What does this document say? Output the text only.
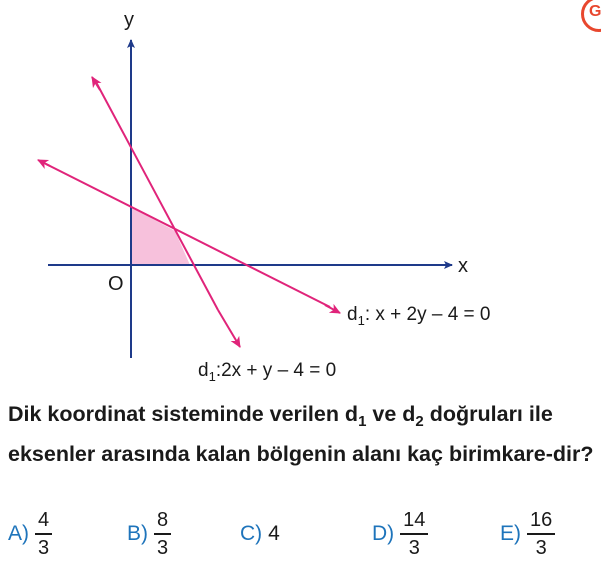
G
y
x
O
$d_1$: x + 2y – 4 = 0
$d_1:2x + y - 4 = 0$
Dik koordinat sisteminde verilen $d_1$ ve $d_2$ doğruları ile eksenler arasında kalan bölgenin alanı kaç birimkare-dir?
$A) \frac{4}{3}$	$B) \frac{8}{3}$	C) 4	$D) \frac{14}{3}$	$E) \frac{16}{3}$
